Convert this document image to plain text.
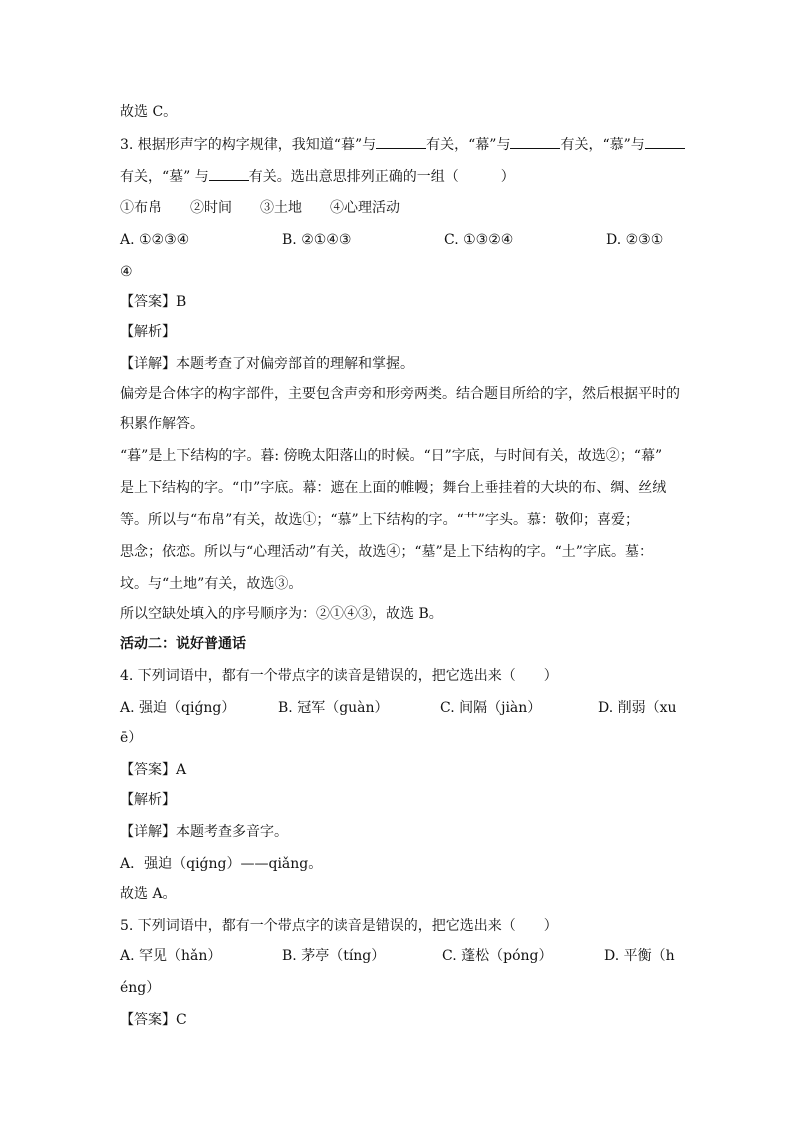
故选 C。
3. 根据形声字的构字规律，我知道“暮”与	有关，“幕”与	有关，“慕”与
有关，“墓” 与	有关。选出意思排列正确的一组（　　　）
①布帛　　②时间　　③土地　　④心理活动
A. ①②③④	B. ②①④③	C. ①③②④	D. ②③①
④
【答案】B
【解析】
【详解】本题考查了对偏旁部首的理解和掌握。
偏旁是合体字的构字部件，主要包含声旁和形旁两类。结合题目所给的字，然后根据平时的
积累作解答。
“暮”是上下结构的字。暮: 傍晚太阳落山的时候。“日”字底，与时间有关，故选②；“幕”
是上下结构的字。“巾”字底。幕：遮在上面的帷幔；舞台上垂挂着的大块的布、绸、丝绒
等。所以与“布帛”有关，故选①；“慕”上下结构的字。“艹”字头。慕：敬仰；喜爱；
思念；依恋。所以与“心理活动”有关，故选④；“墓”是上下结构的字。“土”字底。墓：
坟。与“土地”有关，故选③。
所以空缺处填入的序号顺序为：②①④③，故选 B。
活动二：说好普通话
4. 下列词语中，都有一个带点字的读音是错误的，把它选出来（　　）
A. 强迫（qiǵng）	B. 冠军（guàn）	C. 间隔（jiàn）	D. 削弱（xu
ē）
【答案】A
【解析】
【详解】本题考查多音字。
A．强迫（qiǵng）——qiǎng。
故选 A。
5. 下列词语中，都有一个带点字的读音是错误的，把它选出来（　　）
A. 罕见（hǎn）	B. 茅亭（tíng）	C. 蓬松（póng）	D. 平衡（h
éng）
【答案】C
